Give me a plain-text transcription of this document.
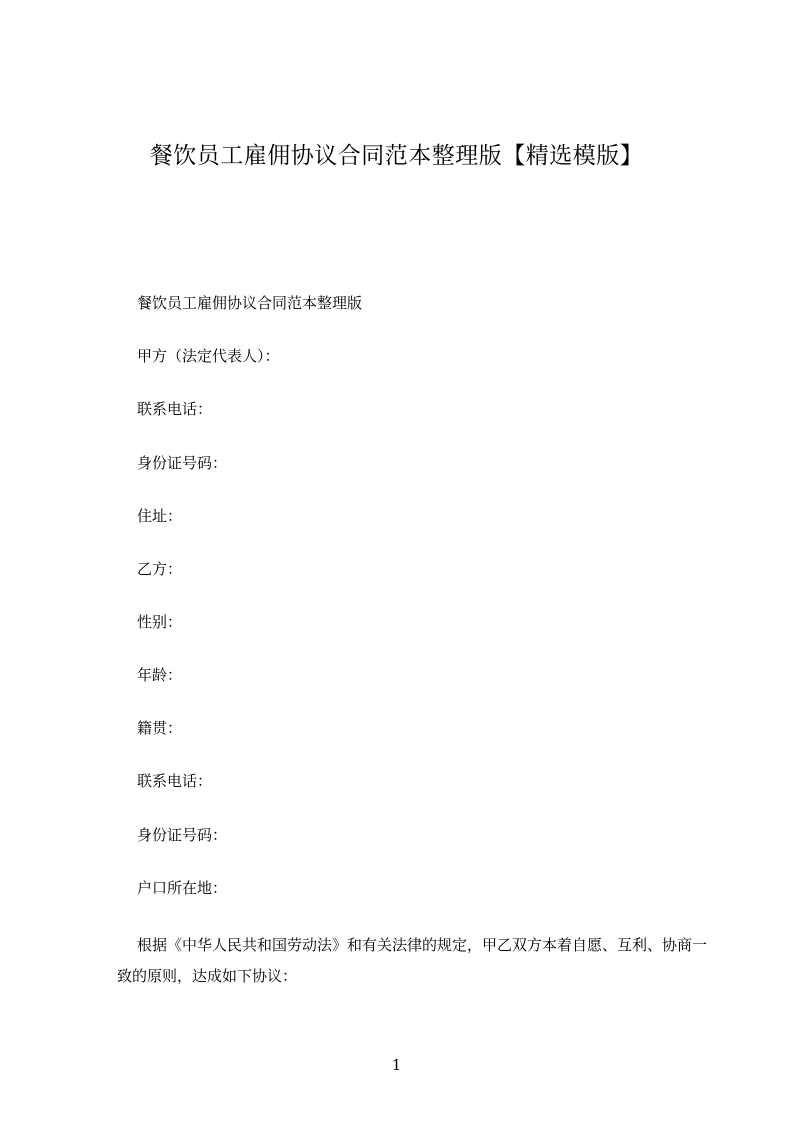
餐饮员工雇佣协议合同范本整理版【精选模版】
餐饮员工雇佣协议合同范本整理版
甲方（法定代表人）：
联系电话：
身份证号码：
住址：
乙方：
性别：
年龄：
籍贯：
联系电话：
身份证号码：
户口所在地：
根据《中华人民共和国劳动法》和有关法律的规定，甲乙双方本着自愿、互利、协商一致的原则，达成如下协议：
1
